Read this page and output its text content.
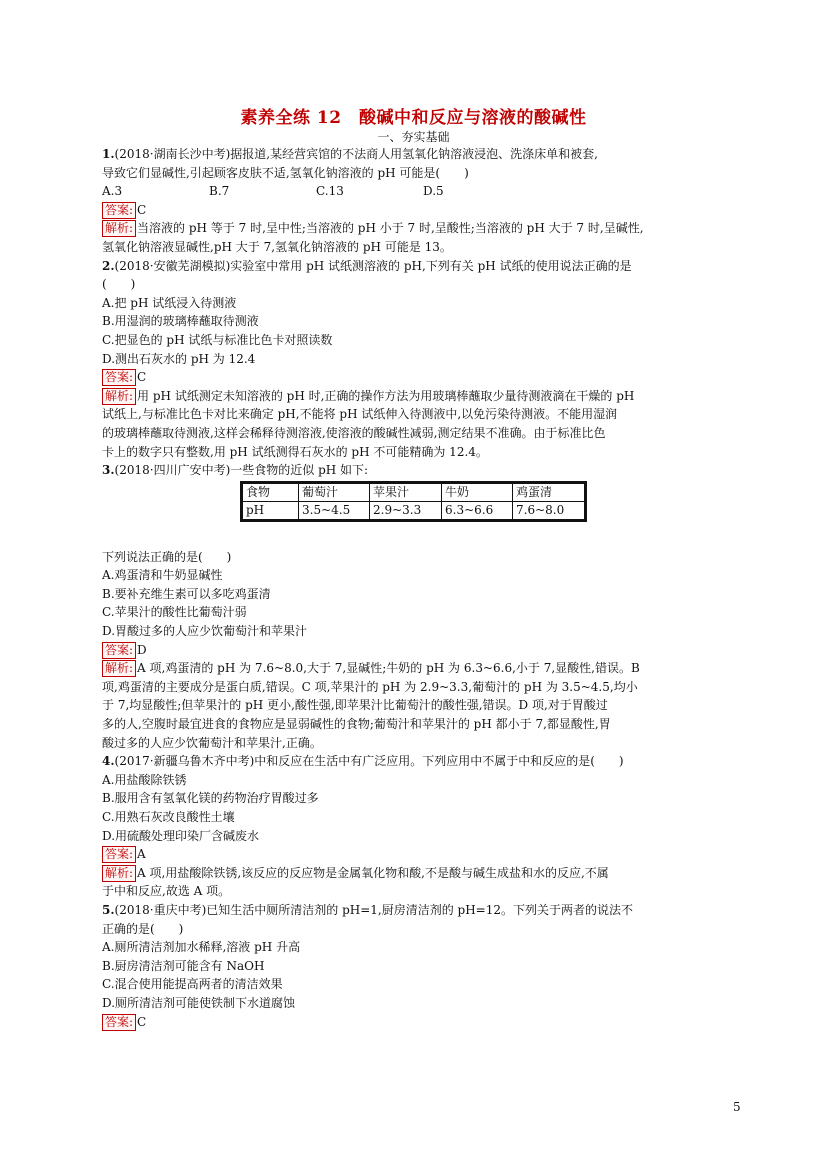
素养全练 12　酸碱中和反应与溶液的酸碱性
一、夯实基础
1.(2018·湖南长沙中考)据报道,某经营宾馆的不法商人用氢氧化钠溶液浸泡、洗涤床单和被套,
导致它们显碱性,引起顾客皮肤不适,氢氧化钠溶液的 pH 可能是(　　)
A.3	B.7	C.13	D.5
答案: C
解析: 当溶液的 pH 等于 7 时,呈中性;当溶液的 pH 小于 7 时,呈酸性;当溶液的 pH 大于 7 时,呈碱性,
氢氧化钠溶液显碱性,pH 大于 7,氢氧化钠溶液的 pH 可能是 13。
2.(2018·安徽芜湖模拟)实验室中常用 pH 试纸测溶液的 pH,下列有关 pH 试纸的使用说法正确的是
(　　)
A.把 pH 试纸浸入待测液
B.用湿润的玻璃棒蘸取待测液
C.把显色的 pH 试纸与标准比色卡对照读数
D.测出石灰水的 pH 为 12.4
答案: C
解析: 用 pH 试纸测定未知溶液的 pH 时,正确的操作方法为用玻璃棒蘸取少量待测液滴在干燥的 pH
试纸上,与标准比色卡对比来确定 pH,不能将 pH 试纸伸入待测液中,以免污染待测液。不能用湿润
的玻璃棒蘸取待测液,这样会稀释待测溶液,使溶液的酸碱性减弱,测定结果不准确。由于标准比色
卡上的数字只有整数,用 pH 试纸测得石灰水的 pH 不可能精确为 12.4。
3.(2018·四川广安中考)一些食物的近似 pH 如下:
食物	葡萄汁	苹果汁	牛奶	鸡蛋清
pH	3.5~4.5	2.9~3.3	6.3~6.6	7.6~8.0
下列说法正确的是(　　)
A.鸡蛋清和牛奶显碱性
B.要补充维生素可以多吃鸡蛋清
C.苹果汁的酸性比葡萄汁弱
D.胃酸过多的人应少饮葡萄汁和苹果汁
答案: D
解析: A 项,鸡蛋清的 pH 为 7.6~8.0,大于 7,显碱性;牛奶的 pH 为 6.3~6.6,小于 7,显酸性,错误。B
项,鸡蛋清的主要成分是蛋白质,错误。C 项,苹果汁的 pH 为 2.9~3.3,葡萄汁的 pH 为 3.5~4.5,均小
于 7,均显酸性;但苹果汁的 pH 更小,酸性强,即苹果汁比葡萄汁的酸性强,错误。D 项,对于胃酸过
多的人,空腹时最宜进食的食物应是显弱碱性的食物;葡萄汁和苹果汁的 pH 都小于 7,都显酸性,胃
酸过多的人应少饮葡萄汁和苹果汁,正确。
4.(2017·新疆乌鲁木齐中考)中和反应在生活中有广泛应用。下列应用中不属于中和反应的是(　　)
A.用盐酸除铁锈
B.服用含有氢氧化镁的药物治疗胃酸过多
C.用熟石灰改良酸性土壤
D.用硫酸处理印染厂含碱废水
答案: A
解析: A 项,用盐酸除铁锈,该反应的反应物是金属氧化物和酸,不是酸与碱生成盐和水的反应,不属
于中和反应,故选 A 项。
5.(2018·重庆中考)已知生活中厕所清洁剂的 pH=1,厨房清洁剂的 pH=12。下列关于两者的说法不
正确的是(　　)
A.厕所清洁剂加水稀释,溶液 pH 升高
B.厨房清洁剂可能含有 NaOH
C.混合使用能提高两者的清洁效果
D.厕所清洁剂可能使铁制下水道腐蚀
答案: C
5
